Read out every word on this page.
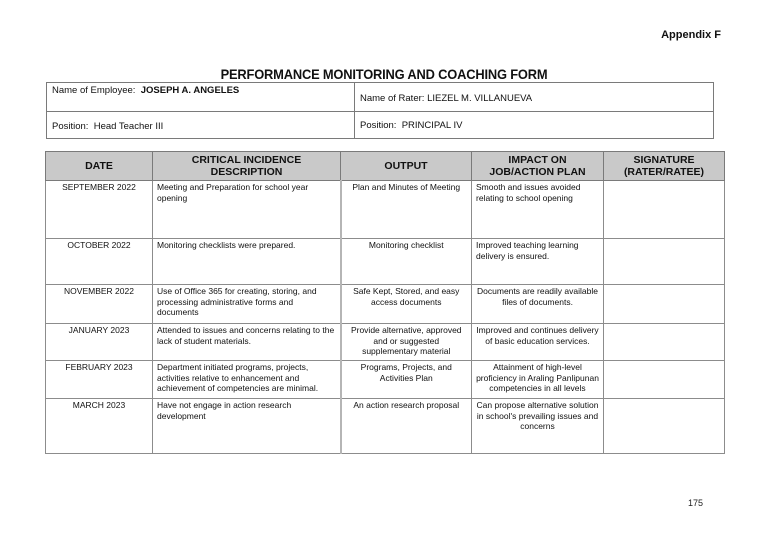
Appendix F
PERFORMANCE MONITORING AND COACHING FORM
Name of Employee: JOSEPH A. ANGELES	Name of Rater: LIEZEL M. VILLANUEVA
Position: Head Teacher III	Position: PRINCIPAL IV
DATE	CRITICAL INCIDENCE DESCRIPTION	OUTPUT	IMPACT ON JOB/ACTION PLAN	SIGNATURE (RATER/RATEE)
SEPTEMBER 2022	Meeting and Preparation for school year opening	Plan and Minutes of Meeting	Smooth and issues avoided relating to school opening	
OCTOBER 2022	Monitoring checklists were prepared.	Monitoring checklist	Improved teaching learning delivery is ensured.	
NOVEMBER 2022	Use of Office 365 for creating, storing, and processing administrative forms and documents	Safe Kept, Stored, and easy access documents	Documents are readily available files of documents.	
JANUARY 2023	Attended to issues and concerns relating to the lack of student materials.	Provide alternative, approved and or suggested supplementary material	Improved and continues delivery of basic education services.	
FEBRUARY 2023	Department initiated programs, projects, activities relative to enhancement and achievement of competencies are minimal.	Programs, Projects, and Activities Plan	Attainment of high-level proficiency in Araling Panlipunan competencies in all levels	
MARCH 2023	Have not engage in action research development	An action research proposal	Can propose alternative solution in school's prevailing issues and concerns	
175
